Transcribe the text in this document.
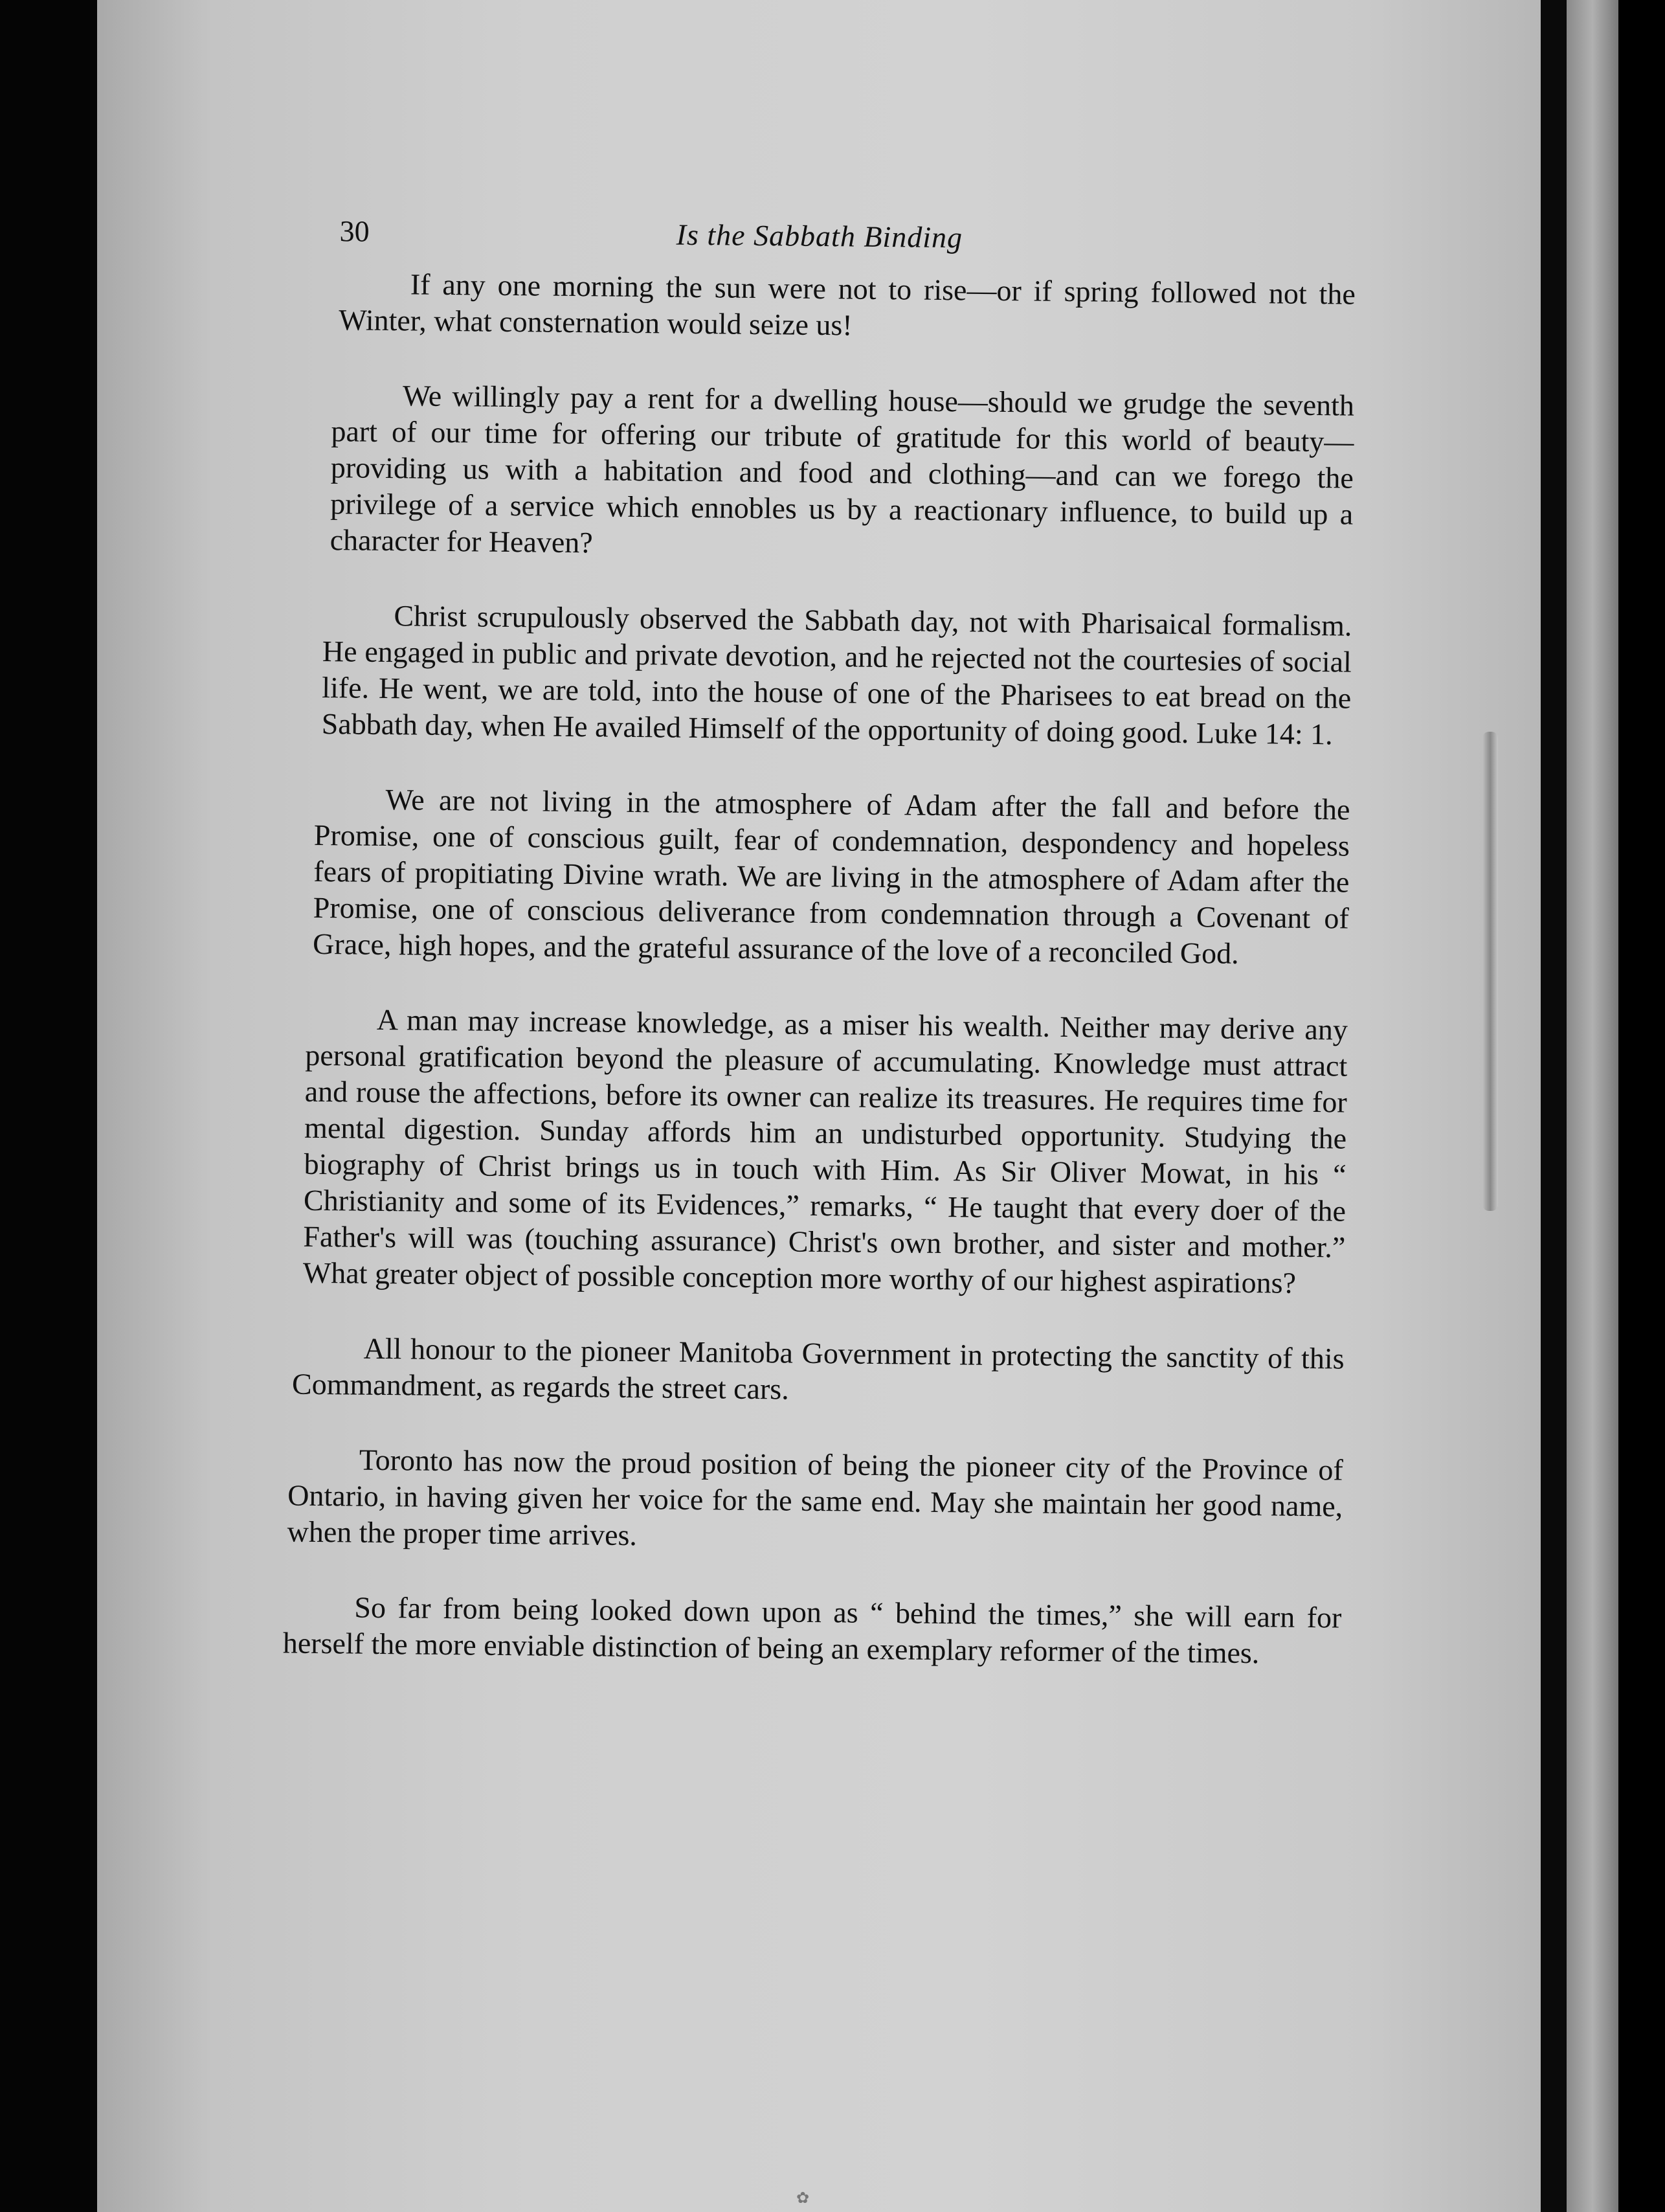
30	Is the Sabbath Binding

If any one morning the sun were not to rise—or if spring followed not the Winter, what consternation would seize us!

We willingly pay a rent for a dwelling house—should we grudge the seventh part of our time for offering our tribute of gratitude for this world of beauty—providing us with a habitation and food and clothing—and can we forego the privilege of a service which ennobles us by a reactionary influence, to build up a character for Heaven?

Christ scrupulously observed the Sabbath day, not with Pharisaical formalism. He engaged in public and private devotion, and he rejected not the courtesies of social life. He went, we are told, into the house of one of the Pharisees to eat bread on the Sabbath day, when He availed Himself of the opportunity of doing good. Luke 14: 1.

We are not living in the atmosphere of Adam after the fall and before the Promise, one of conscious guilt, fear of condemnation, despondency and hopeless fears of propitiating Divine wrath. We are living in the atmosphere of Adam after the Promise, one of conscious deliverance from condemnation through a Covenant of Grace, high hopes, and the grateful assurance of the love of a reconciled God.

A man may increase knowledge, as a miser his wealth. Neither may derive any personal gratification beyond the pleasure of accumulating. Knowledge must attract and rouse the affections, before its owner can realize its treasures. He requires time for mental digestion. Sunday affords him an undisturbed opportunity. Studying the biography of Christ brings us in touch with Him. As Sir Oliver Mowat, in his “ Christianity and some of its Evidences,” remarks, “ He taught that every doer of the Father's will was (touching assurance) Christ's own brother, and sister and mother.” What greater object of possible conception more worthy of our highest aspirations?

All honour to the pioneer Manitoba Government in protecting the sanctity of this Commandment, as regards the street cars.

Toronto has now the proud position of being the pioneer city of the Province of Ontario, in having given her voice for the same end. May she maintain her good name, when the proper time arrives.

So far from being looked down upon as “ behind the times,” she will earn for herself the more enviable distinction of being an exemplary reformer of the times.

✿
